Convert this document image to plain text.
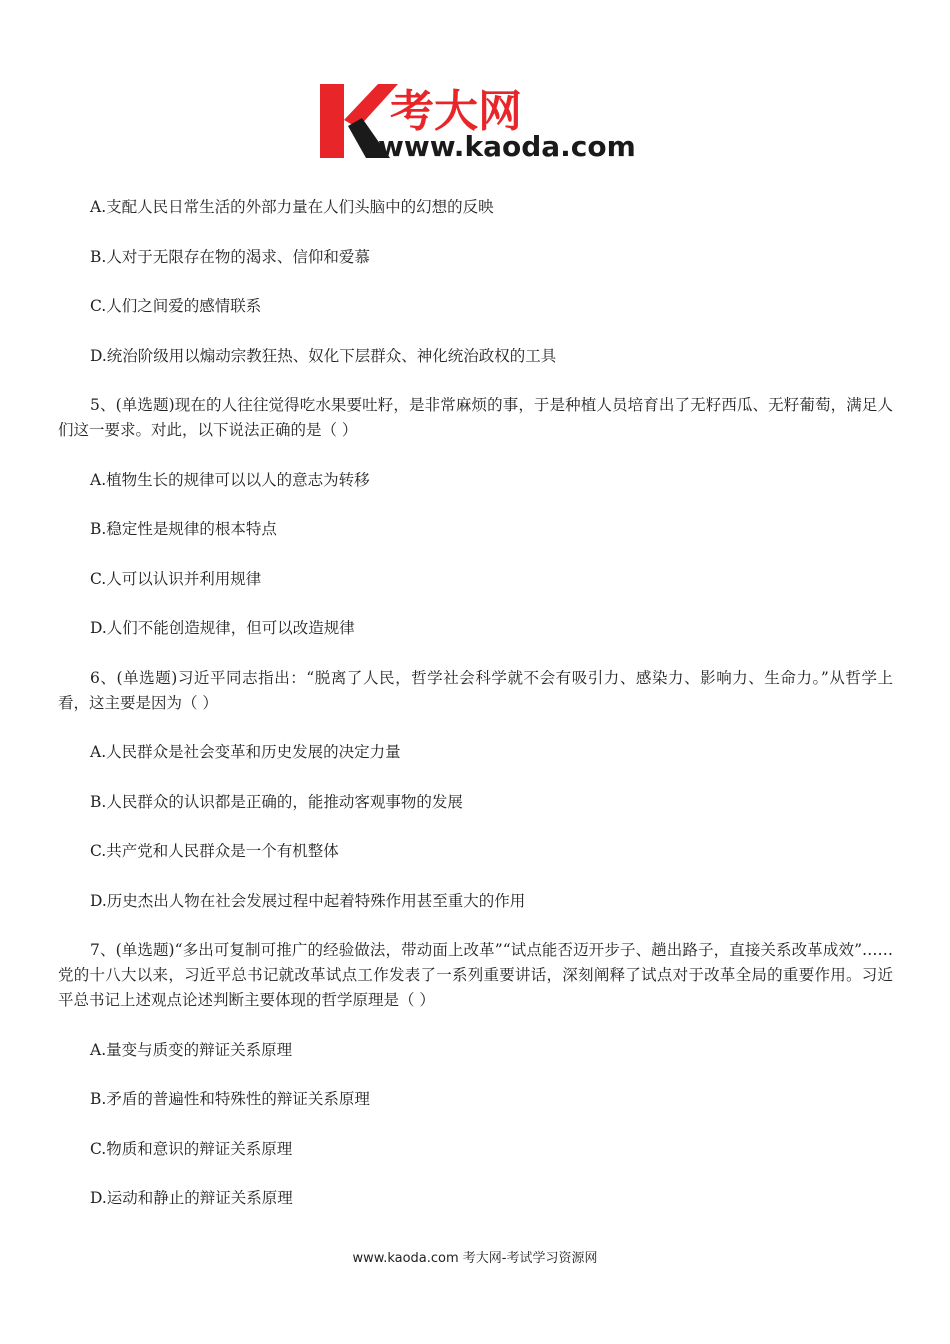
考大网
www.kaoda.com

A.支配人民日常生活的外部力量在人们头脑中的幻想的反映

B.人对于无限存在物的渴求、信仰和爱慕

C.人们之间爱的感情联系

D.统治阶级用以煽动宗教狂热、奴化下层群众、神化统治政权的工具

5、(单选题)现在的人往往觉得吃水果要吐籽，是非常麻烦的事，于是种植人员培育出了无籽西瓜、无籽葡萄，满足人们这一要求。对此，以下说法正确的是（ ）

A.植物生长的规律可以以人的意志为转移

B.稳定性是规律的根本特点

C.人可以认识并利用规律

D.人们不能创造规律，但可以改造规律

6、(单选题)习近平同志指出：“脱离了人民，哲学社会科学就不会有吸引力、感染力、影响力、生命力。”从哲学上看，这主要是因为（ ）

A.人民群众是社会变革和历史发展的决定力量

B.人民群众的认识都是正确的，能推动客观事物的发展

C.共产党和人民群众是一个有机整体

D.历史杰出人物在社会发展过程中起着特殊作用甚至重大的作用

7、(单选题)“多出可复制可推广的经验做法，带动面上改革”“试点能否迈开步子、趟出路子，直接关系改革成效”……党的十八大以来，习近平总书记就改革试点工作发表了一系列重要讲话，深刻阐释了试点对于改革全局的重要作用。习近平总书记上述观点论述判断主要体现的哲学原理是（ ）

A.量变与质变的辩证关系原理

B.矛盾的普遍性和特殊性的辩证关系原理

C.物质和意识的辩证关系原理

D.运动和静止的辩证关系原理

www.kaoda.com 考大网-考试学习资源网
